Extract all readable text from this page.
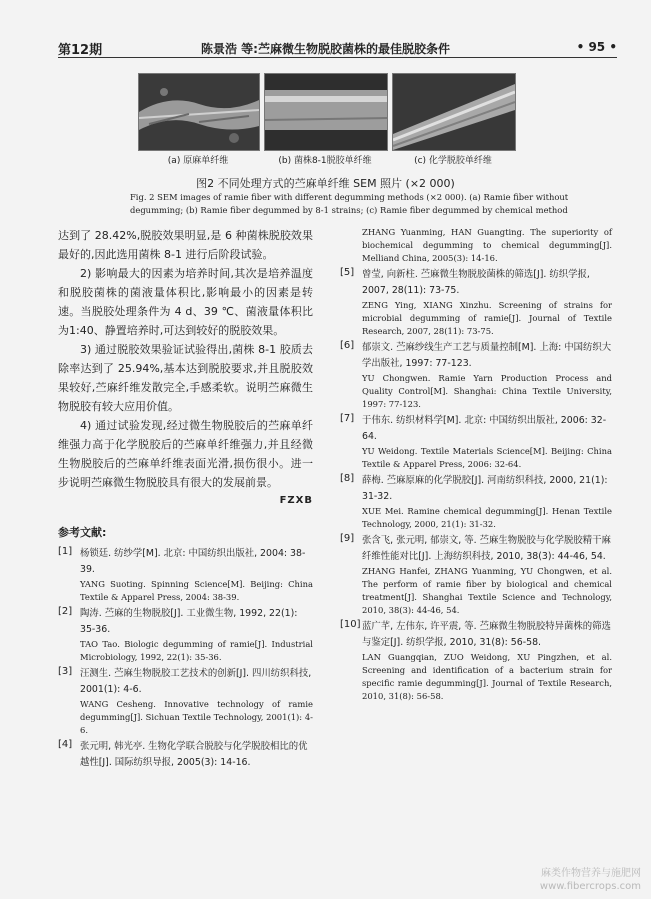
第12期	陈景浩 等:苎麻微生物脱胶菌株的最佳脱胶条件	• 95 •
(a) 原麻单纤维	(b) 菌株8-1脱胶单纤维	(c) 化学脱胶单纤维
图2 不同处理方式的苎麻单纤维 SEM 照片 (×2 000)
Fig. 2 SEM images of ramie fiber with different degumming methods (×2 000). (a) Ramie fiber without degumming; (b) Ramie fiber degummed by 8-1 strains; (c) Ramie fiber degummed by chemical method

达到了 28.42%,脱胶效果明显,是 6 种菌株脱胶效果最好的,因此选用菌株 8-1 进行后阶段试验。

2) 影响最大的因素为培养时间,其次是培养温度和脱胶菌株的菌液量体积比,影响最小的因素是转速。当脱胶处理条件为 4 d、39 ℃、菌液量体积比为1:40、静置培养时,可达到较好的脱胶效果。

3) 通过脱胶效果验证试验得出,菌株 8-1 胶质去除率达到了 25.94%,基本达到脱胶要求,并且脱胶效果较好,苎麻纤维发散完全,手感柔软。说明苎麻微生物脱胶有较大应用价值。

4) 通过试验发现,经过微生物脱胶后的苎麻单纤维强力高于化学脱胶后的苎麻单纤维强力,并且经微生物脱胶后的苎麻单纤维表面光滑,损伤很小。进一步说明苎麻微生物脱胶具有很大的发展前景。

FZXB
参考文献:
[1] 杨锁廷. 纺纱学[M]. 北京: 中国纺织出版社, 2004: 38-39.
YANG Suoting. Spinning Science[M]. Beijing: China Textile & Apparel Press, 2004: 38-39.
[2] 陶涛. 苎麻的生物脱胶[J]. 工业微生物, 1992, 22(1): 35-36.
TAO Tao. Biologic degumming of ramie[J]. Industrial Microbiology, 1992, 22(1): 35-36.
[3] 汪测生. 苎麻生物脱胶工艺技术的创新[J]. 四川纺织科技, 2001(1): 4-6.
WANG Cesheng. Innovative technology of ramie degumming[J]. Sichuan Textile Technology, 2001(1): 4-6.
[4] 张元明, 韩光亭. 生物化学联合脱胶与化学脱胶相比的优越性[J]. 国际纺织导报, 2005(3): 14-16.
ZHANG Yuanming, HAN Guangting. The superiority of biochemical degumming to chemical degumming[J]. Melliand China, 2005(3): 14-16.
[5] 曾莹, 向新柱. 苎麻微生物脱胶菌株的筛选[J]. 纺织学报, 2007, 28(11): 73-75.
ZENG Ying, XIANG Xinzhu. Screening of strains for microbial degumming of ramie[J]. Journal of Textile Research, 2007, 28(11): 73-75.
[6] 郁崇文. 苎麻纱线生产工艺与质量控制[M]. 上海: 中国纺织大学出版社, 1997: 77-123.
YU Chongwen. Ramie Yarn Production Process and Quality Control[M]. Shanghai: China Textile University, 1997: 77-123.
[7] 于伟东. 纺织材料学[M]. 北京: 中国纺织出版社, 2006: 32-64.
YU Weidong. Textile Materials Science[M]. Beijing: China Textile & Apparel Press, 2006: 32-64.
[8] 薛梅. 苎麻原麻的化学脱胶[J]. 河南纺织科技, 2000, 21(1): 31-32.
XUE Mei. Ramine chemical degumming[J]. Henan Textile Technology, 2000, 21(1): 31-32.
[9] 张含飞, 张元明, 郁崇文, 等. 苎麻生物脱胶与化学脱胶精干麻纤维性能对比[J]. 上海纺织科技, 2010, 38(3): 44-46, 54.
ZHANG Hanfei, ZHANG Yuanming, YU Chongwen, et al. The perform of ramie fiber by biological and chemical treatment[J]. Shanghai Textile Science and Technology, 2010, 38(3): 44-46, 54.
[10] 蓝广芊, 左伟东, 许平震, 等. 苎麻微生物脱胶特异菌株的筛选与鉴定[J]. 纺织学报, 2010, 31(8): 56-58.
LAN Guangqian, ZUO Weidong, XU Pingzhen, et al. Screening and identification of a bacterium strain for specific ramie degumming[J]. Journal of Textile Research, 2010, 31(8): 56-58.
麻类作物营养与施肥网
www.fibercrops.com
